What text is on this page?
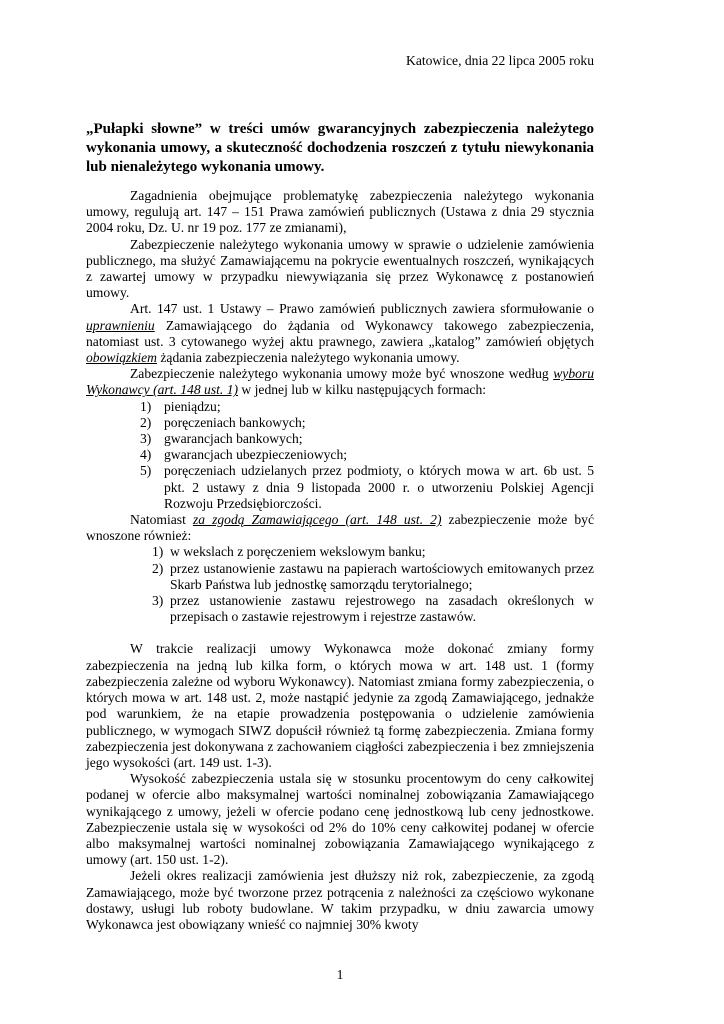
Katowice, dnia 22 lipca 2005 roku
„Pułapki słowne” w treści umów gwarancyjnych zabezpieczenia należytego wykonania umowy, a skuteczność dochodzenia roszczeń z tytułu niewykonania lub nienależytego wykonania umowy.

Zagadnienia obejmujące problematykę zabezpieczenia należytego wykonania umowy, regulują art. 147 – 151 Prawa zamówień publicznych (Ustawa z dnia 29 stycznia 2004 roku, Dz. U. nr 19 poz. 177 ze zmianami),

Zabezpieczenie należytego wykonania umowy w sprawie o udzielenie zamówienia publicznego, ma służyć Zamawiającemu na pokrycie ewentualnych roszczeń, wynikających z zawartej umowy w przypadku niewywiązania się przez Wykonawcę z postanowień umowy.

Art. 147 ust. 1 Ustawy – Prawo zamówień publicznych zawiera sformułowanie o uprawnieniu Zamawiającego do żądania od Wykonawcy takowego zabezpieczenia, natomiast ust. 3 cytowanego wyżej aktu prawnego, zawiera „katalog” zamówień objętych obowiązkiem żądania zabezpieczenia należytego wykonania umowy.

Zabezpieczenie należytego wykonania umowy może być wnoszone według wyboru Wykonawcy (art. 148 ust. 1) w jednej lub w kilku następujących formach:

1) pieniądzu;
2) poręczeniach bankowych;
3) gwarancjach bankowych;
4) gwarancjach ubezpieczeniowych;
5) poręczeniach udzielanych przez podmioty, o których mowa w art. 6b ust. 5 pkt. 2 ustawy z dnia 9 listopada 2000 r. o utworzeniu Polskiej Agencji Rozwoju Przedsiębiorczości.

Natomiast za zgodą Zamawiającego (art. 148 ust. 2) zabezpieczenie może być wnoszone również:

1) w wekslach z poręczeniem wekslowym banku;
2) przez ustanowienie zastawu na papierach wartościowych emitowanych przez Skarb Państwa lub jednostkę samorządu terytorialnego;
3) przez ustanowienie zastawu rejestrowego na zasadach określonych w przepisach o zastawie rejestrowym i rejestrze zastawów.

W trakcie realizacji umowy Wykonawca może dokonać zmiany formy zabezpieczenia na jedną lub kilka form, o których mowa w art. 148 ust. 1 (formy zabezpieczenia zależne od wyboru Wykonawcy). Natomiast zmiana formy zabezpieczenia, o których mowa w art. 148 ust. 2, może nastąpić jedynie za zgodą Zamawiającego, jednakże pod warunkiem, że na etapie prowadzenia postępowania o udzielenie zamówienia publicznego, w wymogach SIWZ dopuścił również tą formę zabezpieczenia. Zmiana formy zabezpieczenia jest dokonywana z zachowaniem ciągłości zabezpieczenia i bez zmniejszenia jego wysokości (art. 149 ust. 1-3).

Wysokość zabezpieczenia ustala się w stosunku procentowym do ceny całkowitej podanej w ofercie albo maksymalnej wartości nominalnej zobowiązania Zamawiającego wynikającego z umowy, jeżeli w ofercie podano cenę jednostkową lub ceny jednostkowe. Zabezpieczenie ustala się w wysokości od 2% do 10% ceny całkowitej podanej w ofercie albo maksymalnej wartości nominalnej zobowiązania Zamawiającego wynikającego z umowy (art. 150 ust. 1-2).

Jeżeli okres realizacji zamówienia jest dłuższy niż rok, zabezpieczenie, za zgodą Zamawiającego, może być tworzone przez potrącenia z należności za częściowo wykonane dostawy, usługi lub roboty budowlane. W takim przypadku, w dniu zawarcia umowy Wykonawca jest obowiązany wnieść co najmniej 30% kwoty

1
